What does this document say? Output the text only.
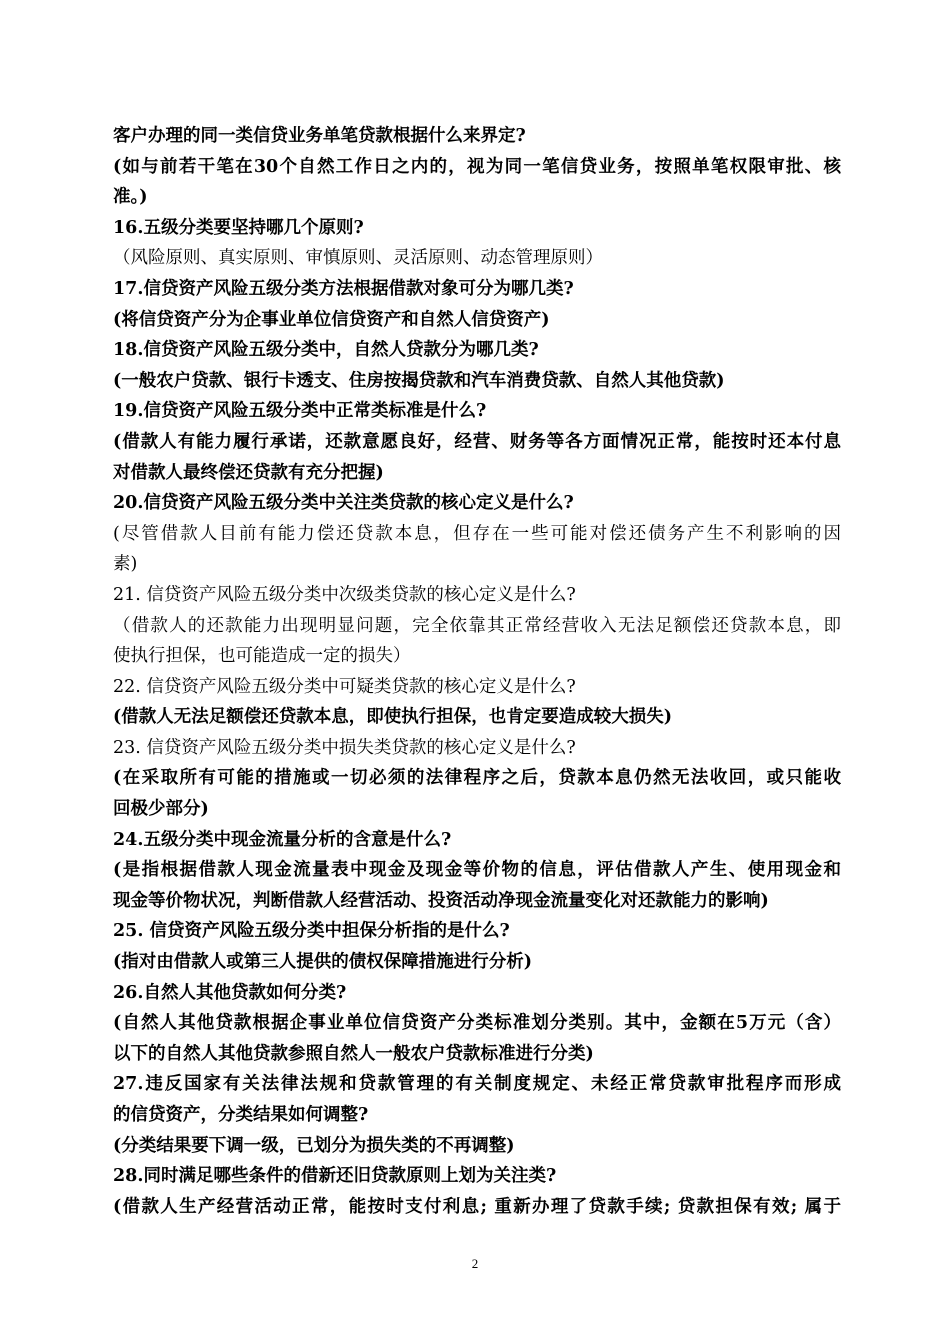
客户办理的同一类信贷业务单笔贷款根据什么来界定?
(如与前若干笔在30个自然工作日之内的，视为同一笔信贷业务，按照单笔权限审批、核
准。)
16.五级分类要坚持哪几个原则?
（风险原则、真实原则、审慎原则、灵活原则、动态管理原则）
17.信贷资产风险五级分类方法根据借款对象可分为哪几类?
(将信贷资产分为企事业单位信贷资产和自然人信贷资产)
18.信贷资产风险五级分类中，自然人贷款分为哪几类?
(一般农户贷款、银行卡透支、住房按揭贷款和汽车消费贷款、自然人其他贷款)
19.信贷资产风险五级分类中正常类标准是什么?
(借款人有能力履行承诺，还款意愿良好，经营、财务等各方面情况正常，能按时还本付息
对借款人最终偿还贷款有充分把握)
20.信贷资产风险五级分类中关注类贷款的核心定义是什么?
(尽管借款人目前有能力偿还贷款本息，但存在一些可能对偿还债务产生不利影响的因
素)
21. 信贷资产风险五级分类中次级类贷款的核心定义是什么?
（借款人的还款能力出现明显问题，完全依靠其正常经营收入无法足额偿还贷款本息，即
使执行担保，也可能造成一定的损失）
22. 信贷资产风险五级分类中可疑类贷款的核心定义是什么?
(借款人无法足额偿还贷款本息，即使执行担保，也肯定要造成较大损失)
23. 信贷资产风险五级分类中损失类贷款的核心定义是什么?
(在采取所有可能的措施或一切必须的法律程序之后，贷款本息仍然无法收回，或只能收
回极少部分)
24.五级分类中现金流量分析的含意是什么?
(是指根据借款人现金流量表中现金及现金等价物的信息，评估借款人产生、使用现金和
现金等价物状况，判断借款人经营活动、投资活动净现金流量变化对还款能力的影响)
25. 信贷资产风险五级分类中担保分析指的是什么?
(指对由借款人或第三人提供的债权保障措施进行分析)
26.自然人其他贷款如何分类?
(自然人其他贷款根据企事业单位信贷资产分类标准划分类别。其中，金额在5万元（含）
以下的自然人其他贷款参照自然人一般农户贷款标准进行分类)
27.违反国家有关法律法规和贷款管理的有关制度规定、未经正常贷款审批程序而形成
的信贷资产，分类结果如何调整?
(分类结果要下调一级，已划分为损失类的不再调整)
28.同时满足哪些条件的借新还旧贷款原则上划为关注类?
(借款人生产经营活动正常，能按时支付利息; 重新办理了贷款手续; 贷款担保有效; 属于
2
